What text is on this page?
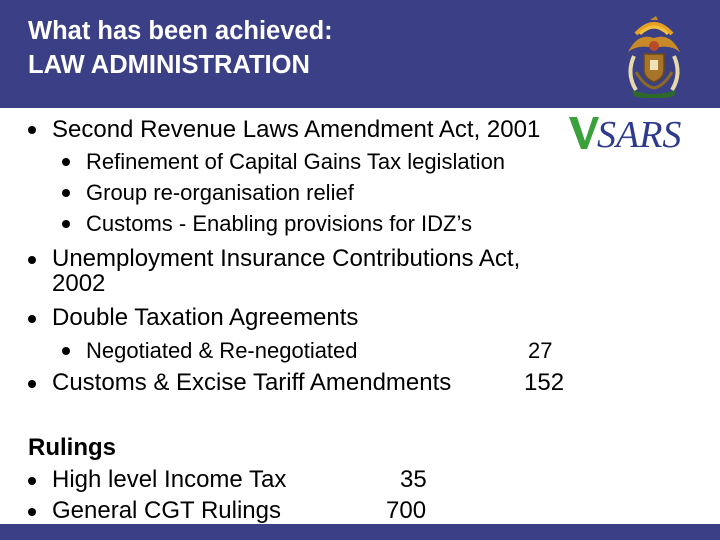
What has been achieved:
LAW ADMINISTRATION
SARS
Second Revenue Laws Amendment Act, 2001
Refinement of Capital Gains Tax legislation
Group re-organisation relief
Customs - Enabling provisions for IDZ’s
Unemployment Insurance Contributions Act,
2002
Double Taxation Agreements
Negotiated & Re-negotiated	27
Customs & Excise Tariff Amendments	152
Rulings
High level Income Tax	35
General CGT Rulings	700
